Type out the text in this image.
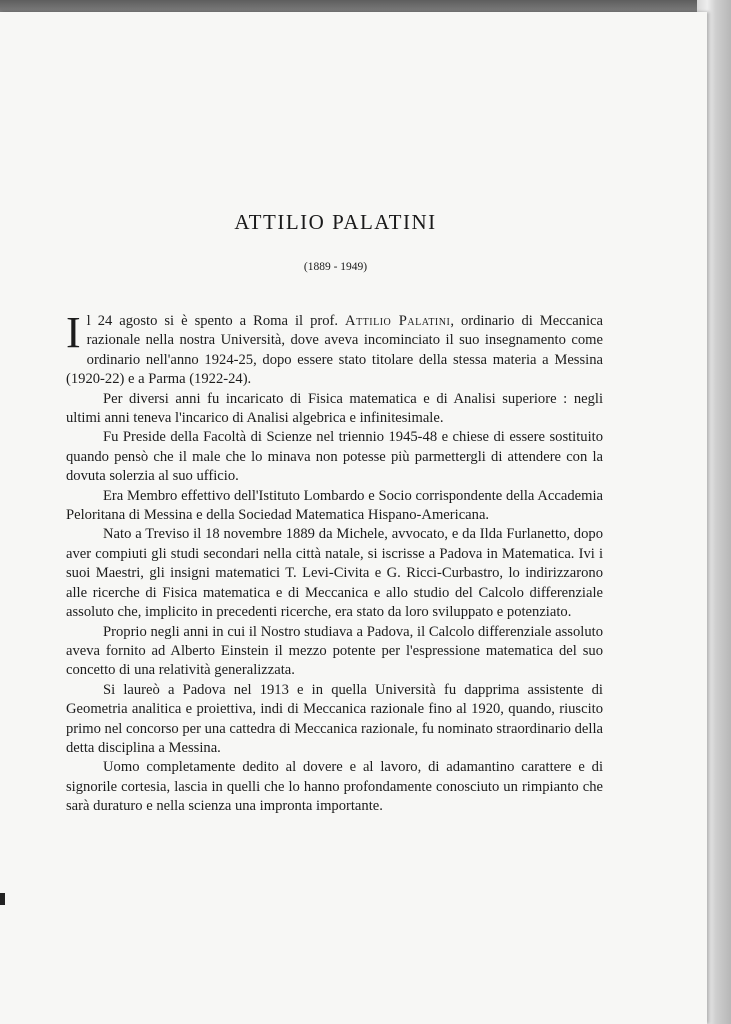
ATTILIO PALATINI
(1889 - 1949)

Il 24 agosto si è spento a Roma il prof. Attilio Palatini, ordinario di Meccanica razionale nella nostra Università, dove aveva incominciato il suo insegnamento come ordinario nell'anno 1924-25, dopo essere stato titolare della stessa materia a Messina (1920-22) e a Parma (1922-24).

Per diversi anni fu incaricato di Fisica matematica e di Analisi superiore : negli ultimi anni teneva l'incarico di Analisi algebrica e infinitesimale.

Fu Preside della Facoltà di Scienze nel triennio 1945-48 e chiese di essere sostituito quando pensò che il male che lo minava non potesse più parmettergli di attendere con la dovuta solerzia al suo ufficio.

Era Membro effettivo dell'Istituto Lombardo e Socio corrispondente della Accademia Peloritana di Messina e della Sociedad Matematica Hispano-Americana.

Nato a Treviso il 18 novembre 1889 da Michele, avvocato, e da Ilda Furlanetto, dopo aver compiuti gli studi secondari nella città natale, si iscrisse a Padova in Matematica. Ivi i suoi Maestri, gli insigni matematici T. Levi-Civita e G. Ricci-Curbastro, lo indirizzarono alle ricerche di Fisica matematica e di Meccanica e allo studio del Calcolo differenziale assoluto che, implicito in precedenti ricerche, era stato da loro sviluppato e potenziato.

Proprio negli anni in cui il Nostro studiava a Padova, il Calcolo differenziale assoluto aveva fornito ad Alberto Einstein il mezzo potente per l'espressione matematica del suo concetto di una relatività generalizzata.

Si laureò a Padova nel 1913 e in quella Università fu dapprima assistente di Geometria analitica e proiettiva, indi di Meccanica razionale fino al 1920, quando, riuscito primo nel concorso per una cattedra di Meccanica razionale, fu nominato straordinario della detta disciplina a Messina.

Uomo completamente dedito al dovere e al lavoro, di adamantino carattere e di signorile cortesia, lascia in quelli che lo hanno profondamente conosciuto un rimpianto che sarà duraturo e nella scienza una impronta importante.
